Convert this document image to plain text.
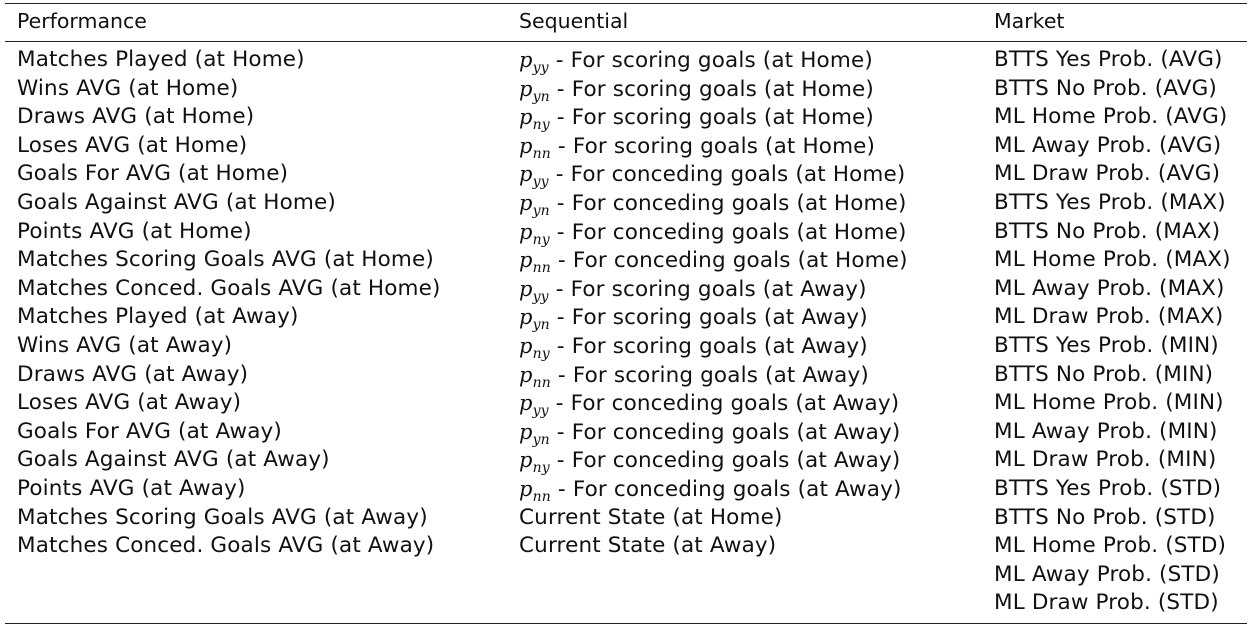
Performance
Matches Played (at Home)
Wins AVG (at Home)
Draws AVG (at Home)
Loses AVG (at Home)
Goals For AVG (at Home)
Goals Against AVG (at Home)
Points AVG (at Home)
Matches Scoring Goals AVG (at Home)
Matches Conced. Goals AVG (at Home)
Matches Played (at Away)
Wins AVG (at Away)
Draws AVG (at Away)
Loses AVG (at Away)
Goals For AVG (at Away)
Goals Against AVG (at Away)
Points AVG (at Away)
Matches Scoring Goals AVG (at Away)
Matches Conced. Goals AVG (at Away)
Sequential
$p_{yy}$ - For scoring goals (at Home)
$p_{yn}$ - For scoring goals (at Home)
$p_{ny}$ - For scoring goals (at Home)
$p_{nn}$ - For scoring goals (at Home)
$p_{yy}$ - For conceding goals (at Home)
$p_{yn}$ - For conceding goals (at Home)
$p_{ny}$ - For conceding goals (at Home)
$p_{nn}$ - For conceding goals (at Home)
$p_{yy}$ - For scoring goals (at Away)
$p_{yn}$ - For scoring goals (at Away)
$p_{ny}$ - For scoring goals (at Away)
$p_{nn}$ - For scoring goals (at Away)
$p_{yy}$ - For conceding goals (at Away)
$p_{yn}$ - For conceding goals (at Away)
$p_{ny}$ - For conceding goals (at Away)
$p_{nn}$ - For conceding goals (at Away)
Current State (at Home)
Current State (at Away)
Market
BTTS Yes Prob. (AVG)
BTTS No Prob. (AVG)
ML Home Prob. (AVG)
ML Away Prob. (AVG)
ML Draw Prob. (AVG)
BTTS Yes Prob. (MAX)
BTTS No Prob. (MAX)
ML Home Prob. (MAX)
ML Away Prob. (MAX)
ML Draw Prob. (MAX)
BTTS Yes Prob. (MIN)
BTTS No Prob. (MIN)
ML Home Prob. (MIN)
ML Away Prob. (MIN)
ML Draw Prob. (MIN)
BTTS Yes Prob. (STD)
BTTS No Prob. (STD)
ML Home Prob. (STD)
ML Away Prob. (STD)
ML Draw Prob. (STD)
